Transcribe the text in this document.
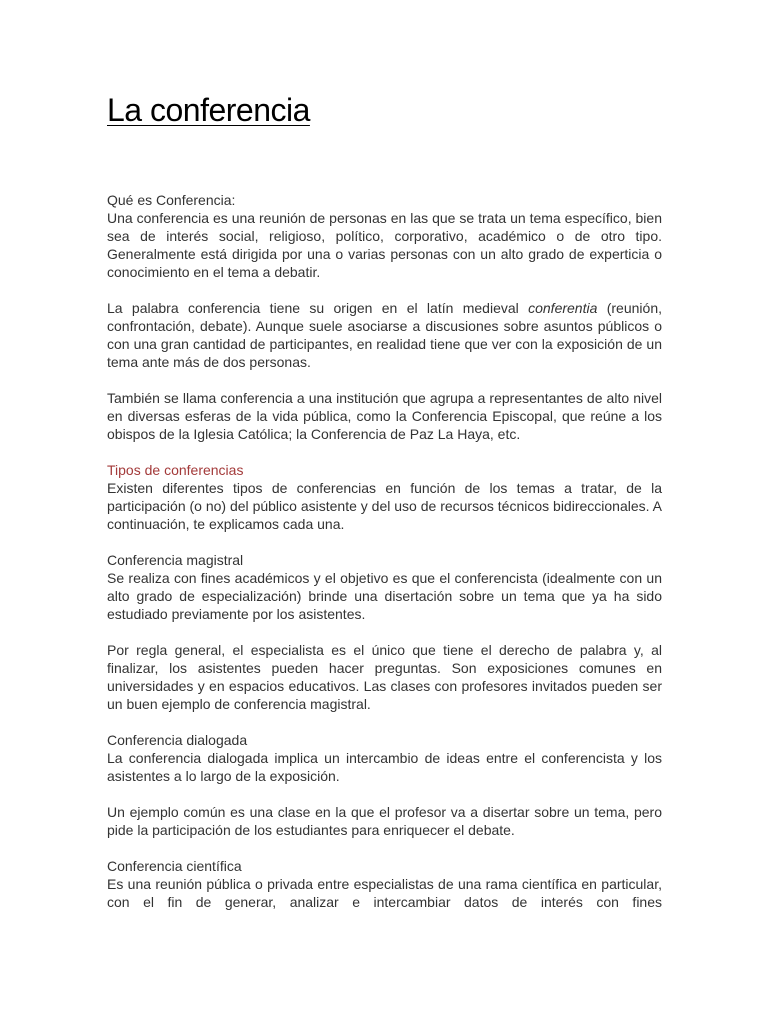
La conferencia

Qué es Conferencia:

Una conferencia es una reunión de personas en las que se trata un tema específico, bien sea de interés social, religioso, político, corporativo, académico o de otro tipo. Generalmente está dirigida por una o varias personas con un alto grado de experticia o conocimiento en el tema a debatir.

La palabra conferencia tiene su origen en el latín medieval conferentia (reunión, confrontación, debate). Aunque suele asociarse a discusiones sobre asuntos públicos o con una gran cantidad de participantes, en realidad tiene que ver con la exposición de un tema ante más de dos personas.

También se llama conferencia a una institución que agrupa a representantes de alto nivel en diversas esferas de la vida pública, como la Conferencia Episcopal, que reúne a los obispos de la Iglesia Católica; la Conferencia de Paz La Haya, etc.

Tipos de conferencias

Existen diferentes tipos de conferencias en función de los temas a tratar, de la participación (o no) del público asistente y del uso de recursos técnicos bidireccionales. A continuación, te explicamos cada una.

Conferencia magistral

Se realiza con fines académicos y el objetivo es que el conferencista (idealmente con un alto grado de especialización) brinde una disertación sobre un tema que ya ha sido estudiado previamente por los asistentes.

Por regla general, el especialista es el único que tiene el derecho de palabra y, al finalizar, los asistentes pueden hacer preguntas. Son exposiciones comunes en universidades y en espacios educativos. Las clases con profesores invitados pueden ser un buen ejemplo de conferencia magistral.

Conferencia dialogada

La conferencia dialogada implica un intercambio de ideas entre el conferencista y los asistentes a lo largo de la exposición.

Un ejemplo común es una clase en la que el profesor va a disertar sobre un tema, pero pide la participación de los estudiantes para enriquecer el debate.

Conferencia científica

Es una reunión pública o privada entre especialistas de una rama científica en particular, con el fin de generar, analizar e intercambiar datos de interés con fines
